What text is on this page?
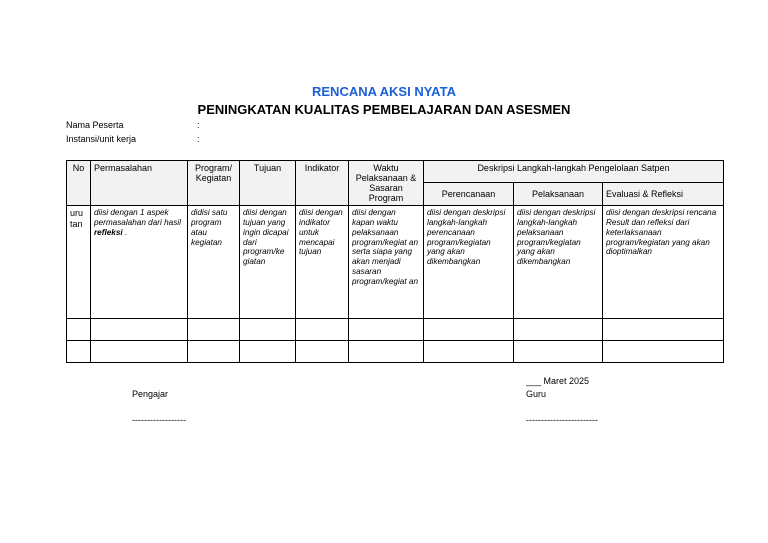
RENCANA AKSI NYATA
PENINGKATAN KUALITAS PEMBELAJARAN DAN ASESMEN
Nama Peserta	:
Instansi/unit kerja	:
No	Permasalahan	Program/ Kegiatan	Tujuan	Indikator	Waktu Pelaksanaan & Sasaran Program	Deskripsi Langkah-langkah Pengelolaan Satpen		
						Perencanaan	Pelaksanaan	Evaluasi & Refleksi
uru tan	diisi dengan 1 aspek permasalahan dari hasil refleksi .	didisi satu program atau kegiatan	diisi dengan tujuan yang ingin dicapai dari program/ke giatan	diisi dengan indikator untuk mencapai tujuan	diisi dengan kapan waktu pelaksanaan program/kegiat an serta siapa yang akan menjadi sasaran program/kegiat an	diisi dengan deskripsi langkah-langkah perencanaan program/kegiatan yang akan dikembangkan	diisi dengan deskripsi langkah-langkah pelaksanaan program/kegiatan yang akan dikembangkan	diisi dengan deskripsi rencana Result dan refleksi dari keterlaksanaan program/kegiatan yang akan dioptimalkan

___ Maret 2025
Pengajar	Guru
------------------	------------------------
